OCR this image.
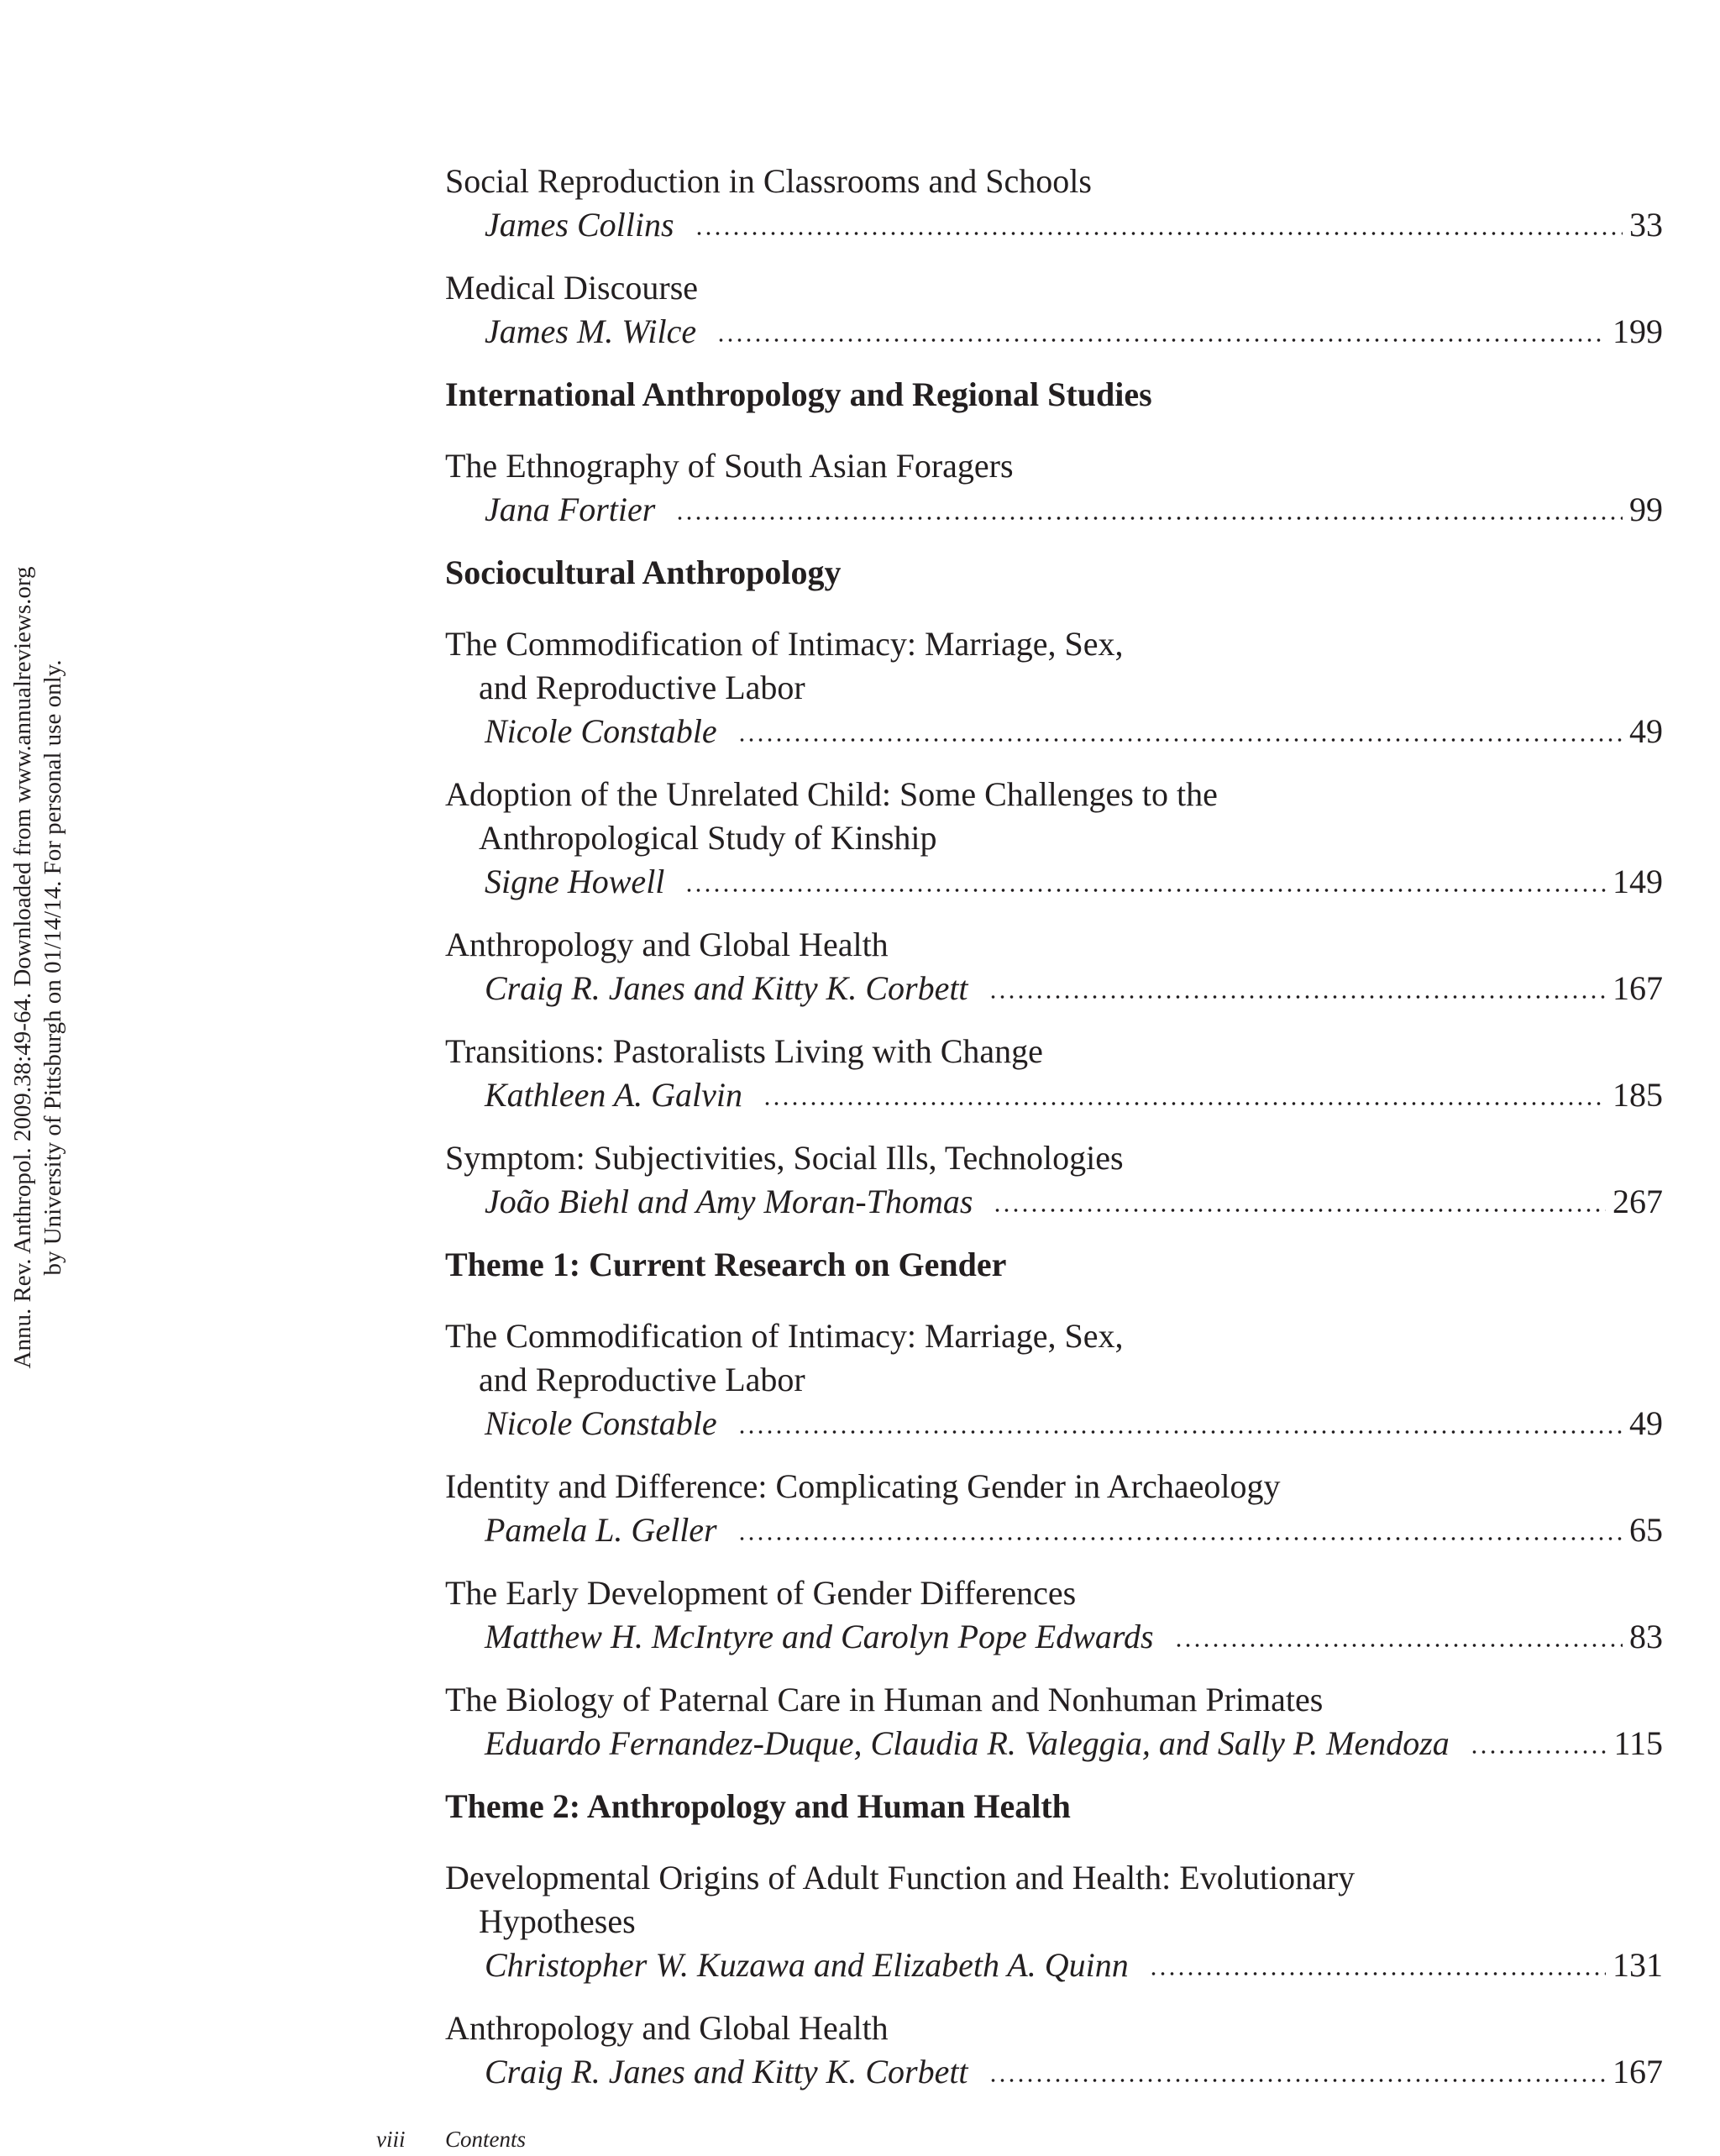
Annu. Rev. Anthropol. 2009.38:49-64. Downloaded from www.annualreviews.org by University of Pittsburgh on 01/14/14. For personal use only.
Social Reproduction in Classrooms and Schools
James Collins	33
Medical Discourse
James M. Wilce	199
International Anthropology and Regional Studies
The Ethnography of South Asian Foragers
Jana Fortier	99
Sociocultural Anthropology
The Commodification of Intimacy: Marriage, Sex,
and Reproductive Labor
Nicole Constable	49
Adoption of the Unrelated Child: Some Challenges to the
Anthropological Study of Kinship
Signe Howell	149
Anthropology and Global Health
Craig R. Janes and Kitty K. Corbett	167
Transitions: Pastoralists Living with Change
Kathleen A. Galvin	185
Symptom: Subjectivities, Social Ills, Technologies
João Biehl and Amy Moran-Thomas	267
Theme 1: Current Research on Gender
The Commodification of Intimacy: Marriage, Sex,
and Reproductive Labor
Nicole Constable	49
Identity and Difference: Complicating Gender in Archaeology
Pamela L. Geller	65
The Early Development of Gender Differences
Matthew H. McIntyre and Carolyn Pope Edwards	83
The Biology of Paternal Care in Human and Nonhuman Primates
Eduardo Fernandez-Duque, Claudia R. Valeggia, and Sally P. Mendoza	115
Theme 2: Anthropology and Human Health
Developmental Origins of Adult Function and Health: Evolutionary
Hypotheses
Christopher W. Kuzawa and Elizabeth A. Quinn	131
Anthropology and Global Health
Craig R. Janes and Kitty K. Corbett	167
viii Contents
